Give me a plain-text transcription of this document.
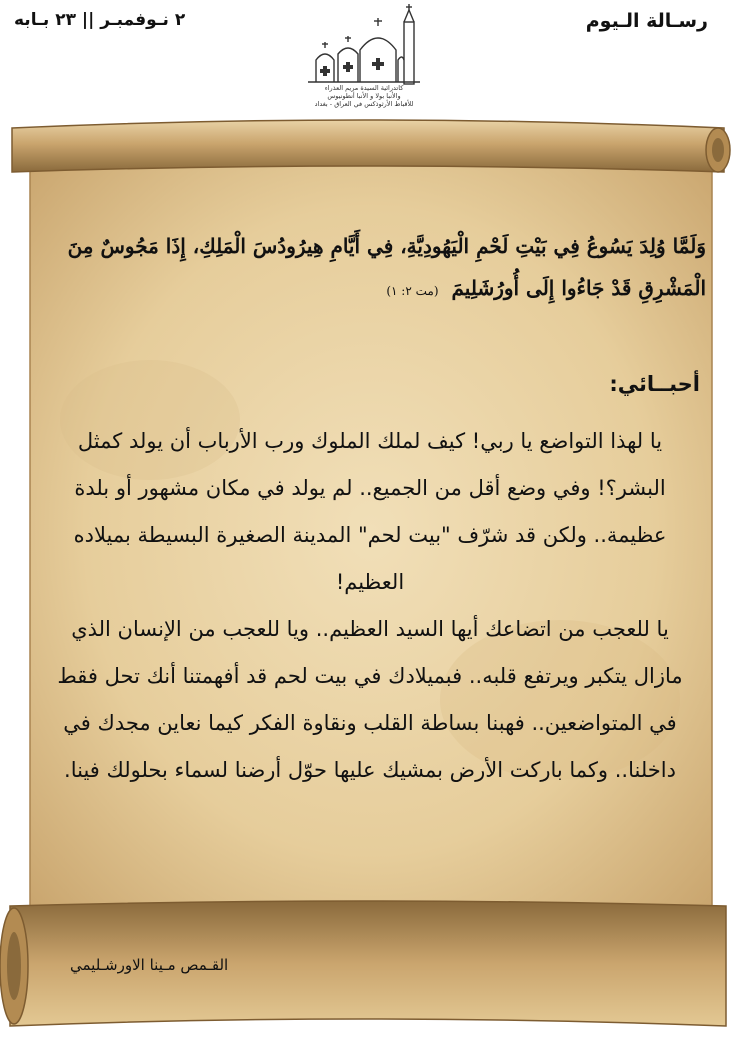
رسـالة الـيوم
٢ نـوفمبـر || ٢٣ بـابه
كاتدرائية السيدة مريم العذراء
والأنبا بولا و الأنبا أنطونيوس
للأقباط الأرثوذكس في العراق - بغداد

وَلَمَّا وُلِدَ يَسُوعُ فِي بَيْتِ لَحْمِ الْيَهُودِيَّةِ، فِي أَيَّامِ هِيرُودُسَ الْمَلِكِ، إِذَا مَجُوسٌ مِنَ الْمَشْرِقِ قَدْ جَاءُوا إِلَى أُورُشَلِيمَ (مت ٢: ١)

أحبــائي:

يا لهذا التواضع يا ربي! كيف لملك الملوك ورب الأرباب أن يولد كمثل البشر؟! وفي وضع أقل من الجميع.. لم يولد في مكان مشهور أو بلدة عظيمة.. ولكن قد شرّف "بيت لحم" المدينة الصغيرة البسيطة بميلاده العظيم!

يا للعجب من اتضاعك أيها السيد العظيم.. ويا للعجب من الإنسان الذي مازال يتكبر ويرتفع قلبه.. فبميلادك في بيت لحم قد أفهمتنا أنك تحل فقط في المتواضعين.. فهبنا بساطة القلب ونقاوة الفكر كيما نعاين مجدك في داخلنا.. وكما باركت الأرض بمشيك عليها حوّل أرضنا لسماء بحلولك فينا.

القـمص مـينا الاورشـليمي
